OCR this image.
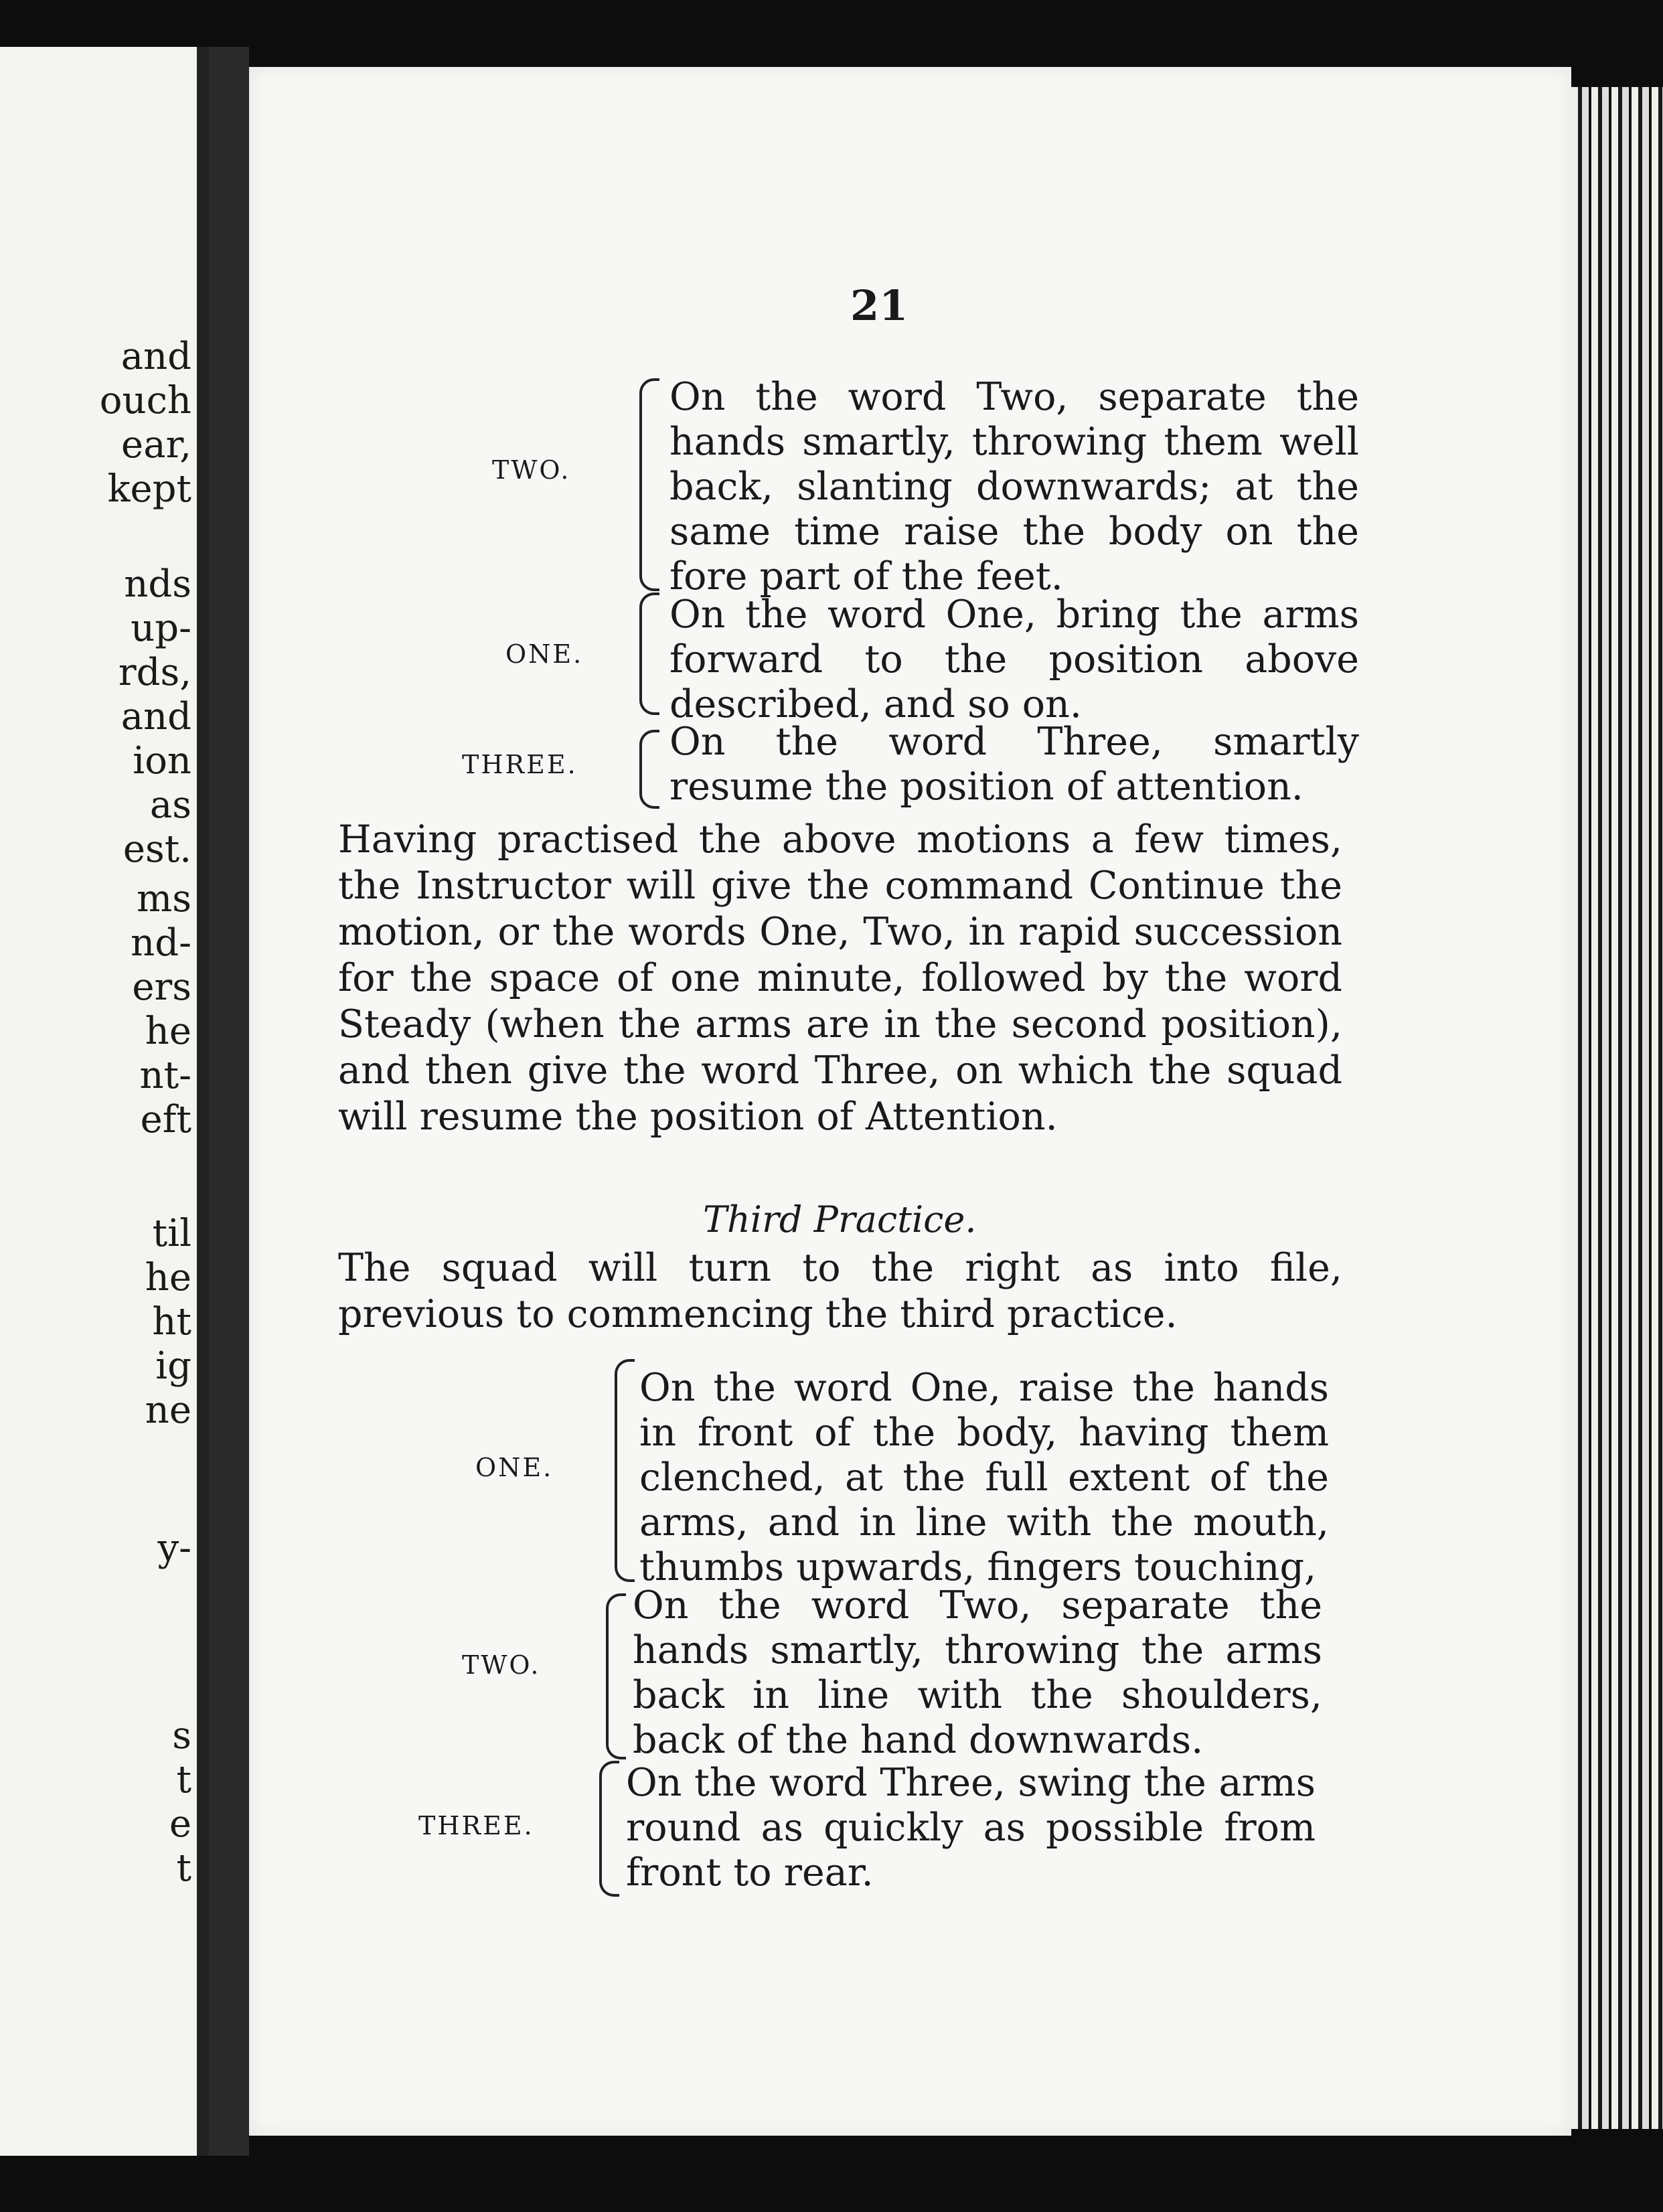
and
ouch
ear,
kept
nds
up-
rds,
and
ion
as
est.
ms
nd-
ers
he
nt-
eft
til
he
ht
ig
ne
y-
s
t
e
t
21
TWO.
On the word Two, separate the hands smartly, throwing them well back, slanting downwards; at the same time raise the body on the fore part of the feet.
ONE.
On the word One, bring the arms forward to the position above described, and so on.
THREE.
On the word Three, smartly resume the position of attention.
Having practised the above motions a few times, the Instructor will give the command Continue the motion, or the words One, Two, in rapid succession for the space of one minute, followed by the word Steady (when the arms are in the second position), and then give the word Three, on which the squad will resume the position of Attention.
Third Practice.
The squad will turn to the right as into file, previous to commencing the third practice.
ONE.
On the word One, raise the hands in front of the body, having them clenched, at the full extent of the arms, and in line with the mouth, thumbs upwards, fingers touching,
TWO.
On the word Two, separate the hands smartly, throwing the arms back in line with the shoulders, back of the hand downwards.
THREE.
On the word Three, swing the arms round as quickly as possible from front to rear.
